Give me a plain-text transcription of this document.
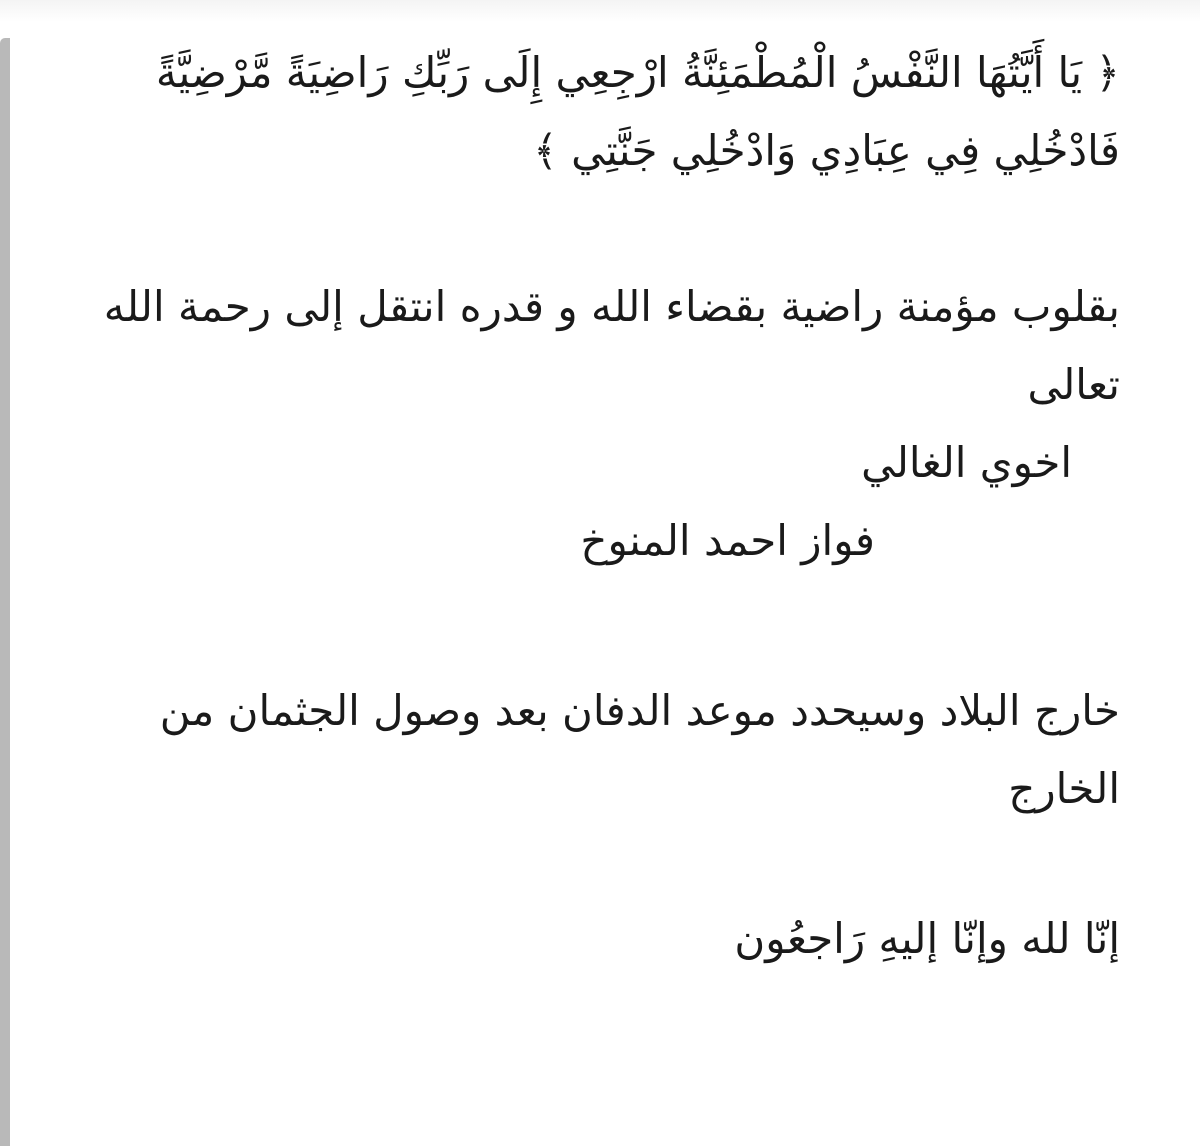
﴿ يَا أَيَّتُهَا النَّفْسُ الْمُطْمَئِنَّةُ ارْجِعِي إِلَى رَبِّكِ رَاضِيَةً مَّرْضِيَّةً

فَادْخُلِي فِي عِبَادِي وَادْخُلِي جَنَّتِي ﴾

بقلوب مؤمنة راضية بقضاء الله و قدره انتقل إلى رحمة الله

تعالى

اخوي الغالي

فواز احمد المنوخ

خارج البلاد وسيحدد موعد الدفان بعد وصول الجثمان من

الخارج

إنّا لله وإنّا إليهِ رَاجعُون
